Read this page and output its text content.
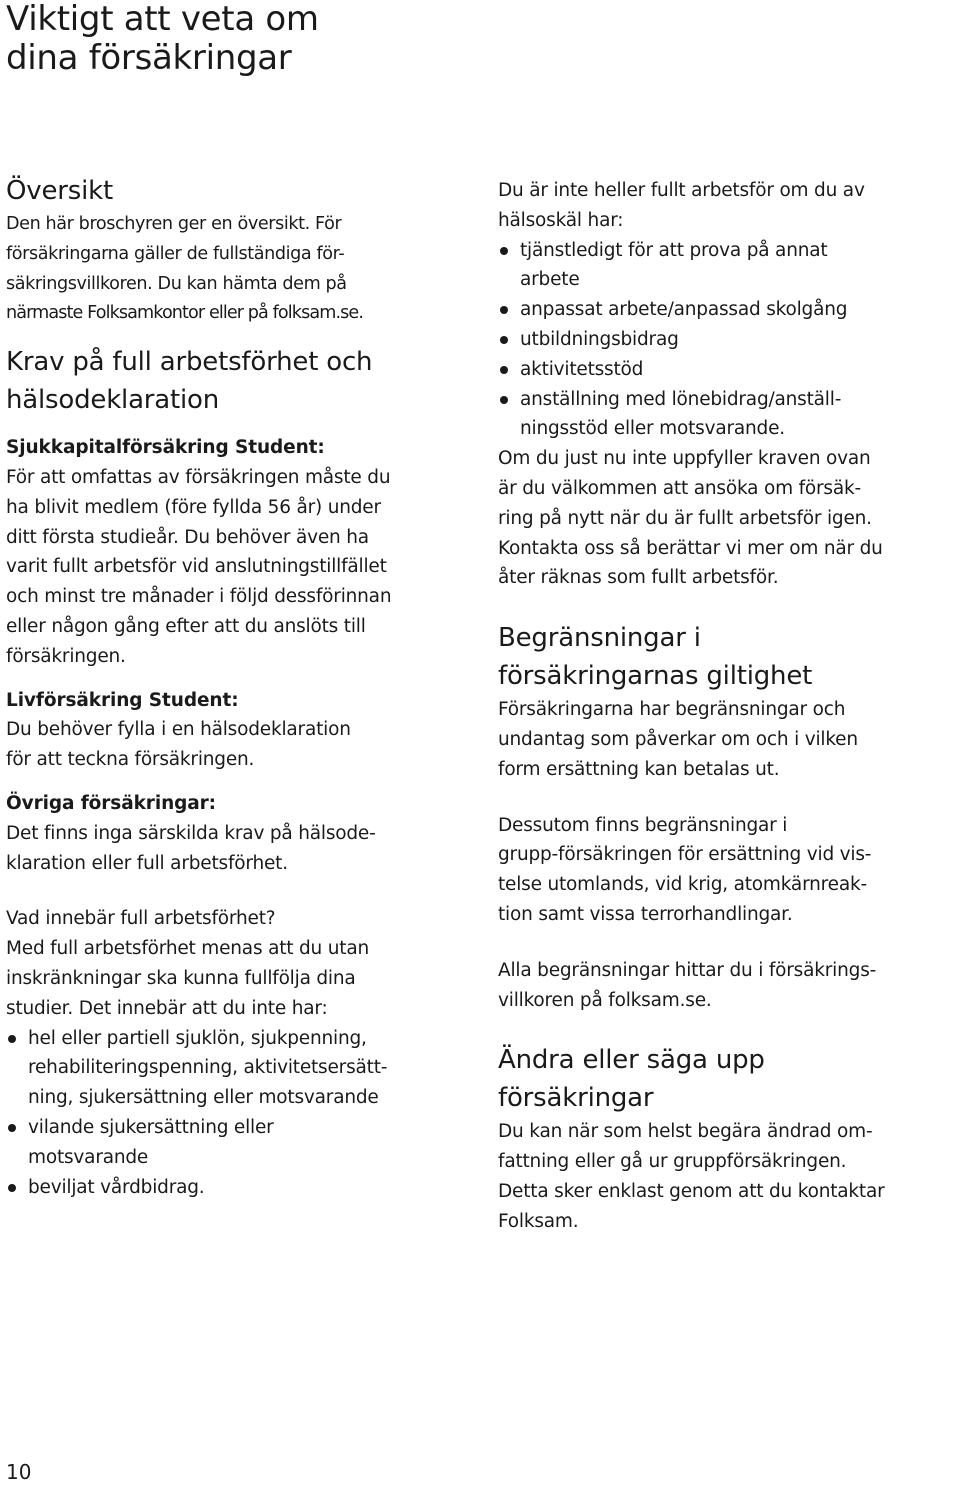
Viktigt att veta om
dina försäkringar
Översikt

Den här broschyren ger en översikt. För

försäkringarna gäller de fullständiga för-

säkringsvillkoren. Du kan hämta dem på

närmaste Folksamkontor eller på folksam.se.

Krav på full arbetsförhet och
hälsodeklaration

Sjukkapitalförsäkring Student:

För att omfattas av försäkringen måste du

ha blivit medlem (före fyllda 56 år) under

ditt första studieår. Du behöver även ha

varit fullt arbetsför vid anslutningstillfället

och minst tre månader i följd dessförinnan

eller någon gång efter att du anslöts till

försäkringen.

Livförsäkring Student:

Du behöver fylla i en hälsodeklaration

för att teckna försäkringen.

Övriga försäkringar:

Det finns inga särskilda krav på hälsode-

klaration eller full arbetsförhet.

Vad innebär full arbetsförhet?

Med full arbetsförhet menas att du utan

inskränkningar ska kunna fullfölja dina

studier. Det innebär att du inte har:

hel eller partiell sjuklön, sjukpenning,
rehabiliteringspenning, aktivitetsersätt-
ning, sjukersättning eller motsvarande
vilande sjukersättning eller
motsvarande
beviljat vårdbidrag.

Du är inte heller fullt arbetsför om du av

hälsoskäl har:

tjänstledigt för att prova på annat
arbete
anpassat arbete/anpassad skolgång
utbildningsbidrag
aktivitetsstöd
anställning med lönebidrag/anställ-
ningsstöd eller motsvarande.

Om du just nu inte uppfyller kraven ovan

är du välkommen att ansöka om försäk-

ring på nytt när du är fullt arbetsför igen.

Kontakta oss så berättar vi mer om när du

åter räknas som fullt arbetsför.

Begränsningar i
försäkringarnas giltighet

Försäkringarna har begränsningar och

undantag som påverkar om och i vilken

form ersättning kan betalas ut.

Dessutom finns begränsningar i

grupp-försäkringen för ersättning vid vis-

telse utomlands, vid krig, atomkärnreak-

tion samt vissa terrorhandlingar.

Alla begränsningar hittar du i försäkrings-

villkoren på folksam.se.

Ändra eller säga upp
försäkringar

Du kan när som helst begära ändrad om-

fattning eller gå ur gruppförsäkringen.

Detta sker enklast genom att du kontaktar

Folksam.

10
